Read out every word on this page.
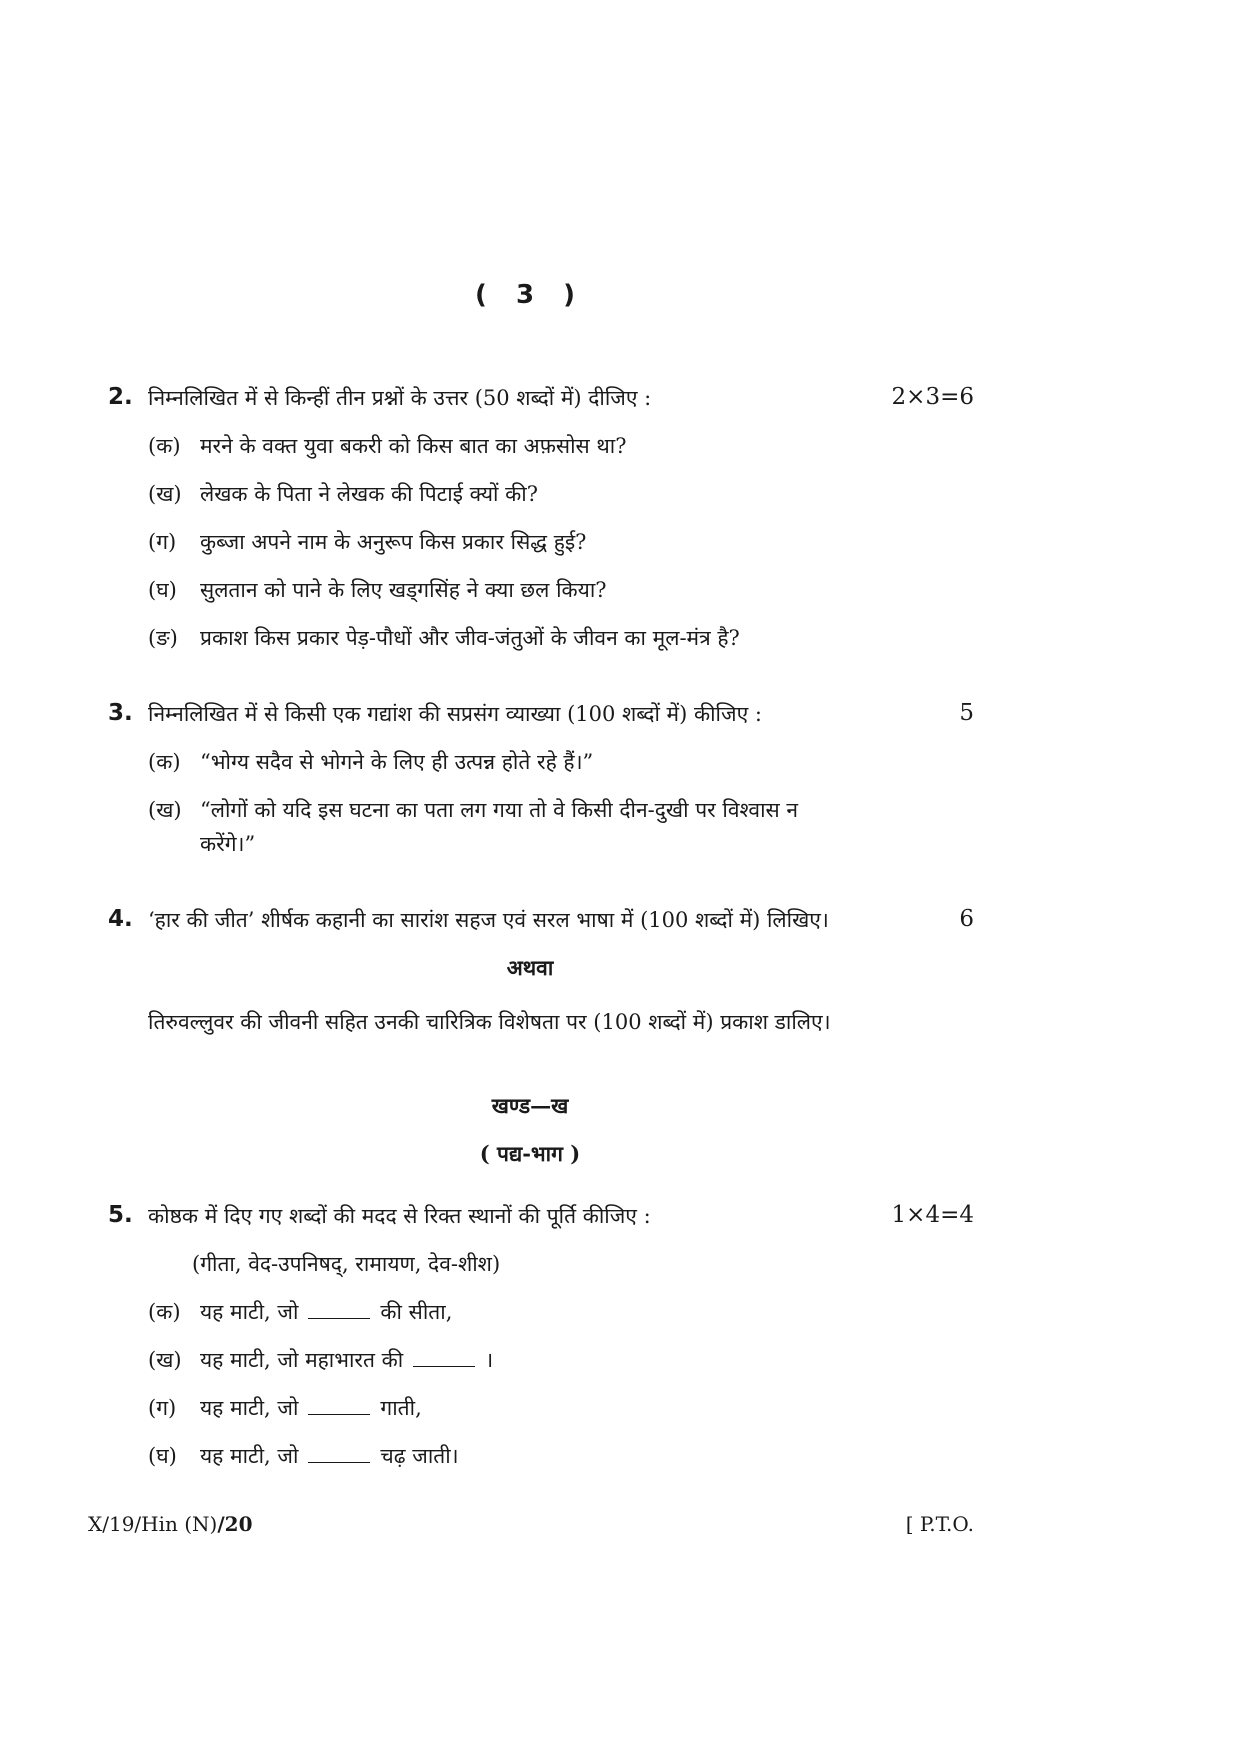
( 3 )
2. निम्नलिखित में से किन्हीं तीन प्रश्नों के उत्तर (50 शब्दों में) दीजिए :	2×3=6
(क) मरने के वक्त युवा बकरी को किस बात का अफ़सोस था?
(ख) लेखक के पिता ने लेखक की पिटाई क्यों की?
(ग) कुब्जा अपने नाम के अनुरूप किस प्रकार सिद्ध हुई?
(घ) सुलतान को पाने के लिए खड्गसिंह ने क्या छल किया?
(ङ) प्रकाश किस प्रकार पेड़-पौधों और जीव-जंतुओं के जीवन का मूल-मंत्र है?
3. निम्नलिखित में से किसी एक गद्यांश की सप्रसंग व्याख्या (100 शब्दों में) कीजिए :	5
(क) “भोग्य सदैव से भोगने के लिए ही उत्पन्न होते रहे हैं।”
(ख) “लोगों को यदि इस घटना का पता लग गया तो वे किसी दीन-दुखी पर विश्वास न
करेंगे।”
4. ‘हार की जीत’ शीर्षक कहानी का सारांश सहज एवं सरल भाषा में (100 शब्दों में) लिखिए।	6
अथवा
तिरुवल्लुवर की जीवनी सहित उनकी चारित्रिक विशेषता पर (100 शब्दों में) प्रकाश डालिए।
खण्ड—ख
( पद्य-भाग )
5. कोष्ठक में दिए गए शब्दों की मदद से रिक्त स्थानों की पूर्ति कीजिए :	1×4=4
(गीता, वेद-उपनिषद्, रामायण, देव-शीश)
(क) यह माटी, जो	की सीता,
(ख) यह माटी, जो महाभारत की	।
(ग) यह माटी, जो	गाती,
(घ) यह माटी, जो	चढ़ जाती।
X/19/Hin (N)/20	[ P.T.O.
